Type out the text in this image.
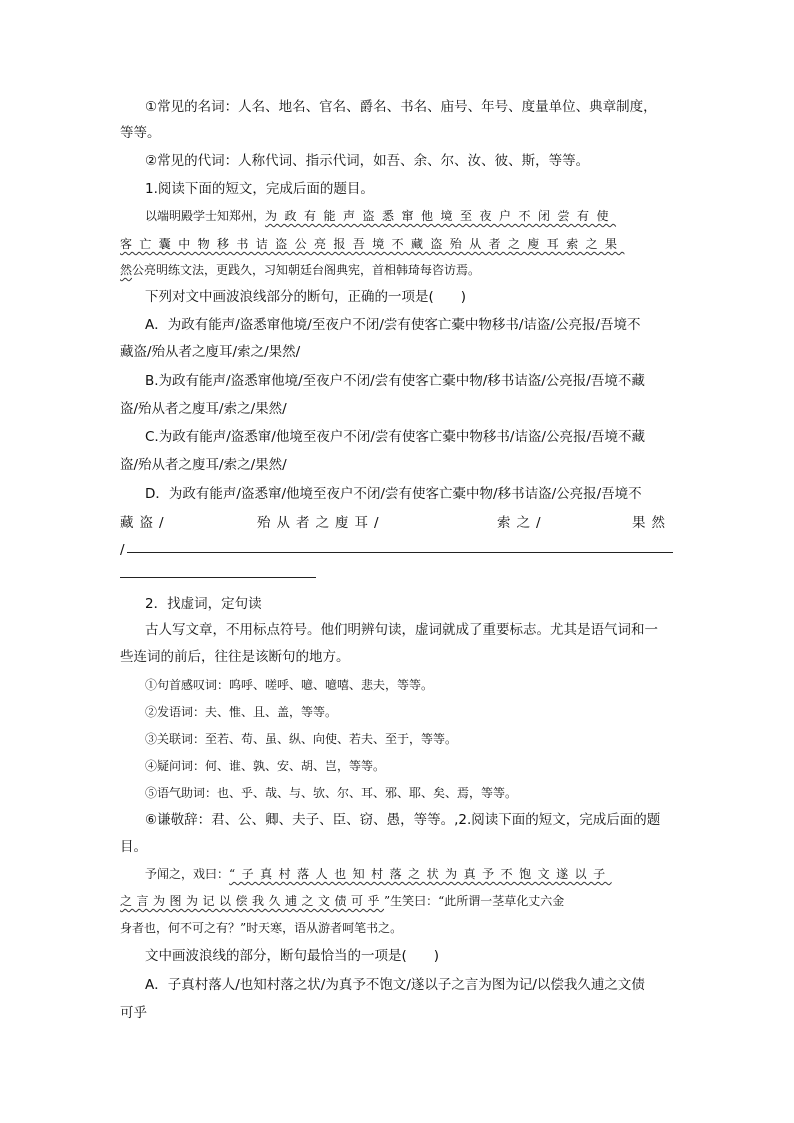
①常见的名词：人名、地名、官名、爵名、书名、庙号、年号、度量单位、典章制度，
等等。
②常见的代词：人称代词、指示代词，如吾、余、尔、汝、彼、斯，等等。
1.阅读下面的短文，完成后面的题目。
以端明殿学士知郑州，为政有能声盗悉窜他境至夜户不闭尝有使
客亡囊中物移书诘盗公亮报吾境不藏盗殆从者之廋耳索之果
然公亮明练文法，更践久，习知朝廷台阁典宪，首相韩琦每咨访焉。
下列对文中画波浪线部分的断句，正确的一项是(　　)
A．为政有能声/盗悉窜他境/至夜户不闭/尝有使客亡橐中物移书/诘盗/公亮报/吾境不
藏盗/殆从者之廋耳/索之/果然/
B.为政有能声/盗悉窜他境/至夜户不闭/尝有使客亡橐中物/移书诘盗/公亮报/吾境不藏
盗/殆从者之廋耳/索之/果然/
C.为政有能声/盗悉窜/他境至夜户不闭/尝有使客亡橐中物移书/诘盗/公亮报/吾境不藏
盗/殆从者之廋耳/索之/果然/
D．为政有能声/盗悉窜/他境至夜户不闭/尝有使客亡橐中物/移书诘盗/公亮报/吾境不
藏盗/	殆从者之廋耳/	索之/	果然
/
2．找虚词，定句读
古人写文章，不用标点符号。他们明辨句读，虚词就成了重要标志。尤其是语气词和一
些连词的前后，往往是该断句的地方。
①句首感叹词：呜呼、嗟呼、噫、噫嘻、悲夫，等等。
②发语词：夫、惟、且、盖，等等。
③关联词：至若、苟、虽、纵、向使、若夫、至于，等等。
④疑问词：何、谁、孰、安、胡、岂，等等。
⑤语气助词：也、乎、哉、与、欤、尔、耳、邪、耶、矣、焉，等等。
⑥谦敬辞：君、公、卿、夫子、臣、窃、愚，等等。,2.阅读下面的短文，完成后面的题
目。
予闻之，戏曰：“子真村落人也知村落之状为真予不饱文遂以子
之言为图为记以偿我久逋之文债可乎”生笑曰：“此所谓一茎草化丈六金
身者也，何不可之有？”时天寒，语从游者呵笔书之。
文中画波浪线的部分，断句最恰当的一项是(　　)
A．子真村落人/也知村落之状/为真予不饱文/遂以子之言为图为记/以偿我久逋之文债
可乎
